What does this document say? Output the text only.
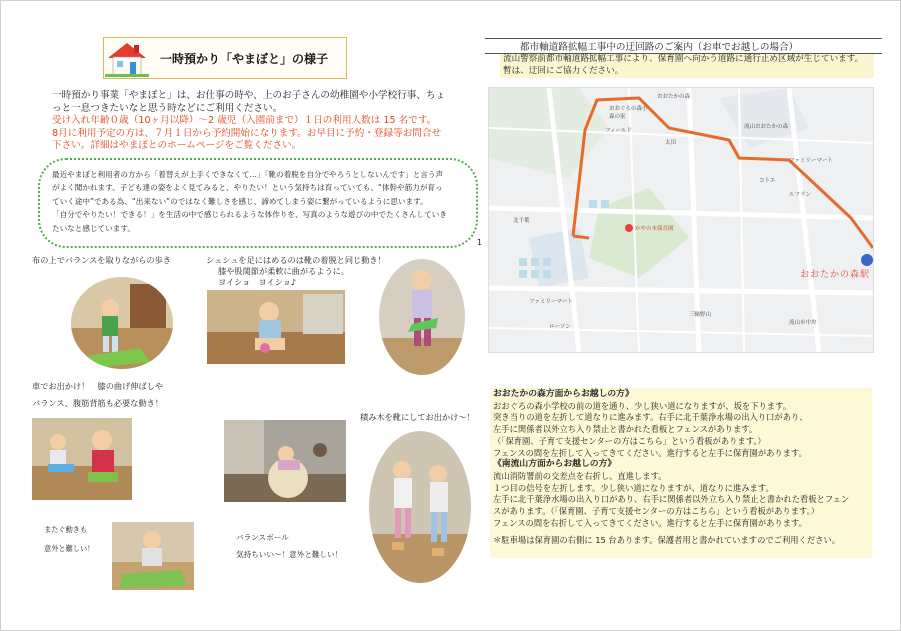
一時預かり「やまぼと」の様子
一時預かり事業「やまぼと」は、お仕事の時や、上のお子さんの幼稚園や小学校行事、ちょ
っと一息つきたいなと思う時などにご利用ください。
受け入れ年齢０歳（10ヶ月以降）～2 歳児（入園前まで）１日の利用人数は 15 名です。
8月に利用予定の方は、７月１日から予約開始になります。お早目に予約・登録等お問合せ
下さい。詳細はやまぼとのホームページをご覧ください。
最近やまぼと利用者の方から「着替えが上手くできなくて…」「靴の着脱を自分でやろうとしないんです」と言う声
がよく聞かれます。子ども達の姿をよく見てみると、やりたい！という気持ちは育っていても、“体幹や筋力が育っ
ていく途中”である為、“出来ない”のではなく難しさを感じ、諦めてしまう姿に繋がっているように思います。
「自分でやりたい！できる！」を生活の中で感じられるような体作りを、写真のような遊びの中でたくさんしていき
たいなと感じています。
1
布の上でバランスを取りながらの歩き	シュシュを足にはめるのは靴の着脱と同じ動き！
膝や股関節が柔軟に曲がるように。
ヨイショ　ヨイショ♪
車でお出かけ！　膝の曲げ伸ばしや
バランス、腹筋背筋も必要な動き！
積み木を靴にしてお出かけ～！
またぐ動きも
意外と難しい！
バランスボール
気持ちいい～！意外と難しい！
都市軸道路拡幅工事中の迂回路のご案内（お車でお越しの場合）
流山警察前都市軸道路拡幅工事により、保育園へ向かう道路に通行止め区域が生じています。
暫は、迂回にご協力ください。
おおたかの森
おおぐろの森小
森の家
フィールド
太田
流山おおたかの森
ファミリーマート
コトエ
ルフラン
北千葉
かやの木保育園
ファミリーマート
ローソン
三輪野山
流山市中央
おおたかの森駅
おおたかの森方面からお越しの方》
おおぐろの森小学校の前の道を通り、少し狭い道になりますが、坂を下ります。
突き当りの道を左折して道なりに進みます。右手に北千葉浄水場の出入り口があり、
左手に関係者以外立ち入り禁止と書かれた看板とフェンスがあります。
（「保育園、子育て支援センターの方はこちら」という看板があります。）
フェンスの間を左折して入ってきてください。進行すると左手に保育園があります。
《南流山方面からお越しの方》
流山消防署前の交差点を右折し、直進します。
１つ目の信号を左折します。少し狭い道になりますが、道なりに進みます。
左手に北千葉浄水場の出入り口があり、右手に関係者以外立ち入り禁止と書かれた看板とフェン
スがあります。（「保育園、子育て支援センターの方はこちら」という看板があります。）
フェンスの間を右折して入ってきてください。進行すると左手に保育園があります。
＊駐車場は保育園の右側に 15 台あります。保護者用と書かれていますのでご利用ください。
